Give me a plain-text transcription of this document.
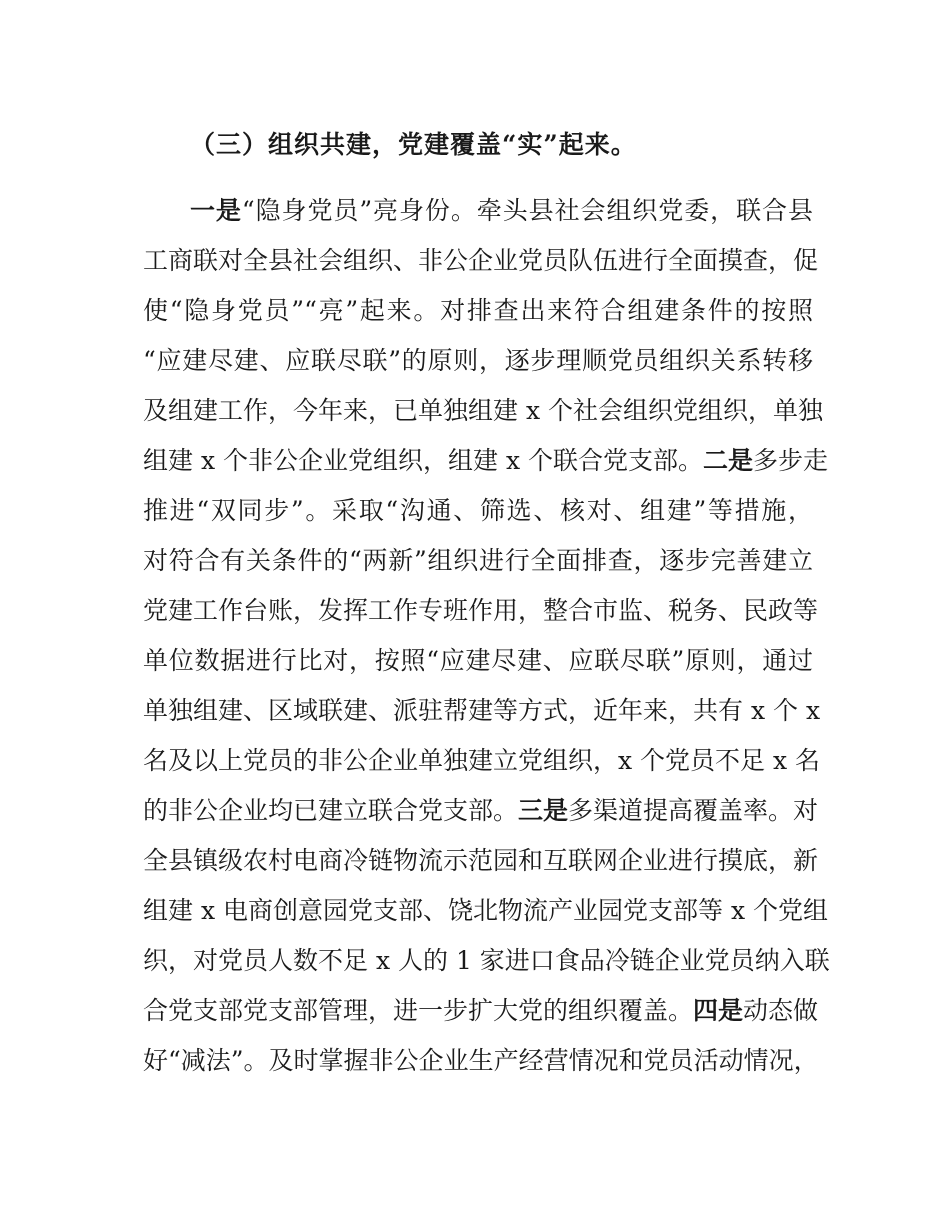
（三）组织共建，党建覆盖“实”起来。
一是“隐身党员”亮身份。牵头县社会组织党委，联合县
工商联对全县社会组织、非公企业党员队伍进行全面摸查，促
使“隐身党员”“亮”起来。对排查出来符合组建条件的按照
“应建尽建、应联尽联”的原则，逐步理顺党员组织关系转移
及组建工作，今年来，已单独组建 x 个社会组织党组织，单独
组建 x 个非公企业党组织，组建 x 个联合党支部。二是多步走
推进“双同步”。采取“沟通、筛选、核对、组建”等措施，
对符合有关条件的“两新”组织进行全面排查，逐步完善建立
党建工作台账，发挥工作专班作用，整合市监、税务、民政等
单位数据进行比对，按照“应建尽建、应联尽联”原则，通过
单独组建、区域联建、派驻帮建等方式，近年来，共有 x 个 x
名及以上党员的非公企业单独建立党组织，x 个党员不足 x 名
的非公企业均已建立联合党支部。三是多渠道提高覆盖率。对
全县镇级农村电商冷链物流示范园和互联网企业进行摸底，新
组建 x 电商创意园党支部、饶北物流产业园党支部等 x 个党组
织，对党员人数不足 x 人的 1 家进口食品冷链企业党员纳入联
合党支部党支部管理，进一步扩大党的组织覆盖。四是动态做
好“减法”。及时掌握非公企业生产经营情况和党员活动情况，
